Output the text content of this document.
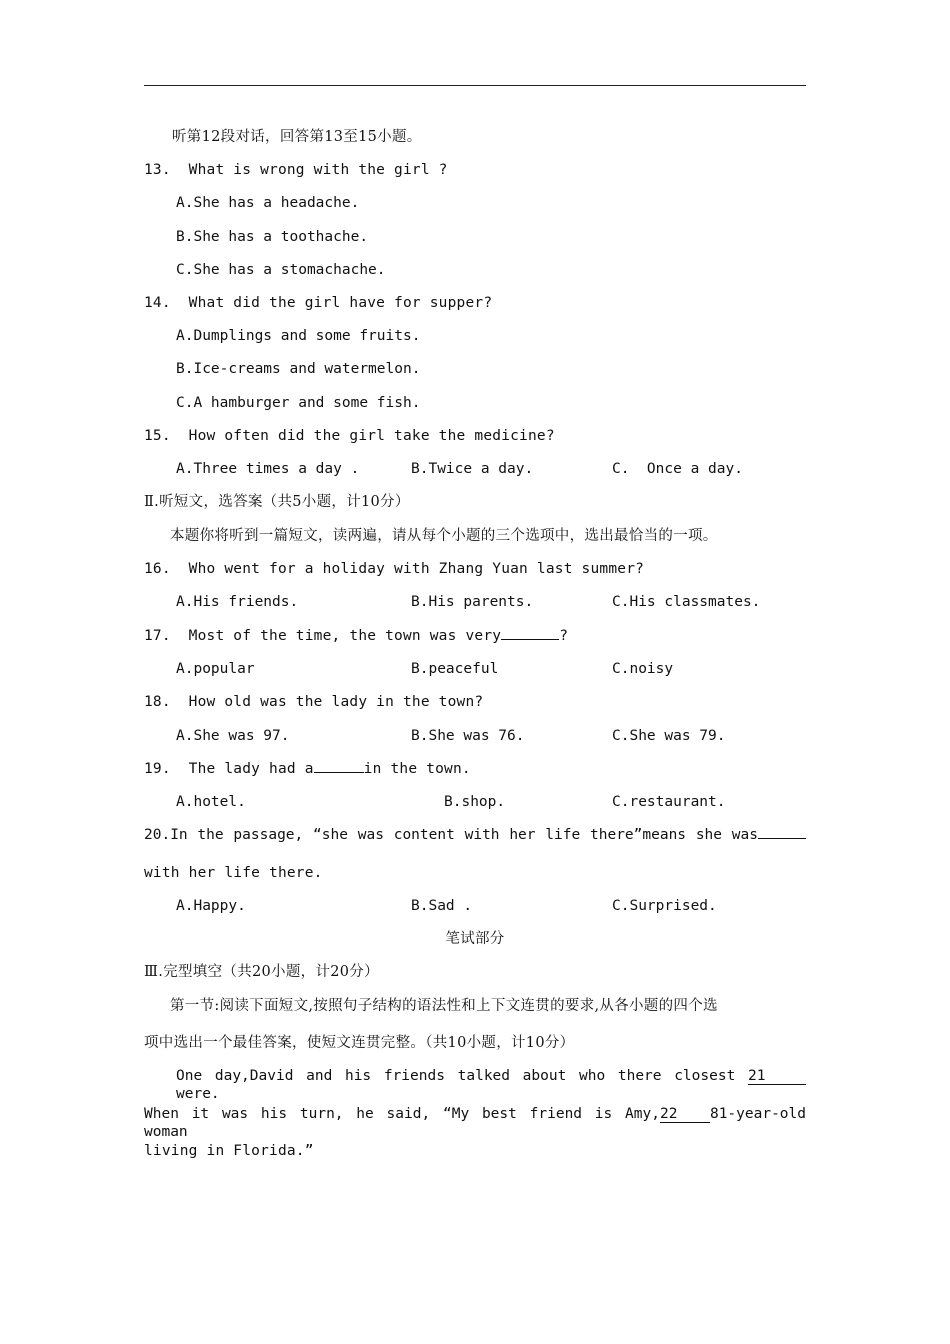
听第12段对话，回答第13至15小题。
13.  What is wrong with the girl ?
A.She has a headache.
B.She has a toothache.
C.She has a stomachache.
14.  What did the girl have for supper?
A.Dumplings and some fruits.
B.Ice-creams and watermelon.
C.A hamburger and some fish.
15.  How often did the girl take the medicine?
A.Three times a day .	B.Twice a day.	C.  Once a day.
Ⅱ.听短文，选答案（共5小题，计10分）
本题你将听到一篇短文，读两遍，请从每个小题的三个选项中，选出最恰当的一项。
16.  Who went for a holiday with Zhang Yuan last summer?
A.His friends.	B.His parents.	C.His classmates.
17.  Most of the time, the town was very	?
A.popular	B.peaceful	C.noisy
18.  How old was the lady in the town?
A.She was 97.	B.She was 76.	C.She was 79.
19.  The lady had a	in the town.
A.hotel.	B.shop.	C.restaurant.
20.In the passage, “she was content with her life there”means she was
with her life there.
A.Happy.	B.Sad .	C.Surprised.
笔试部分
Ⅲ.完型填空（共20小题，计20分）
第一节:阅读下面短文,按照句子结构的语法性和上下文连贯的要求,从各小题的四个选
项中选出一个最佳答案，使短文连贯完整。（共10小题，计10分）
One day,David and his friends talked about who there closest 21 were.
When it was his turn, he said, “My best friend is Amy,22 81-year-old woman
living in Florida.”
